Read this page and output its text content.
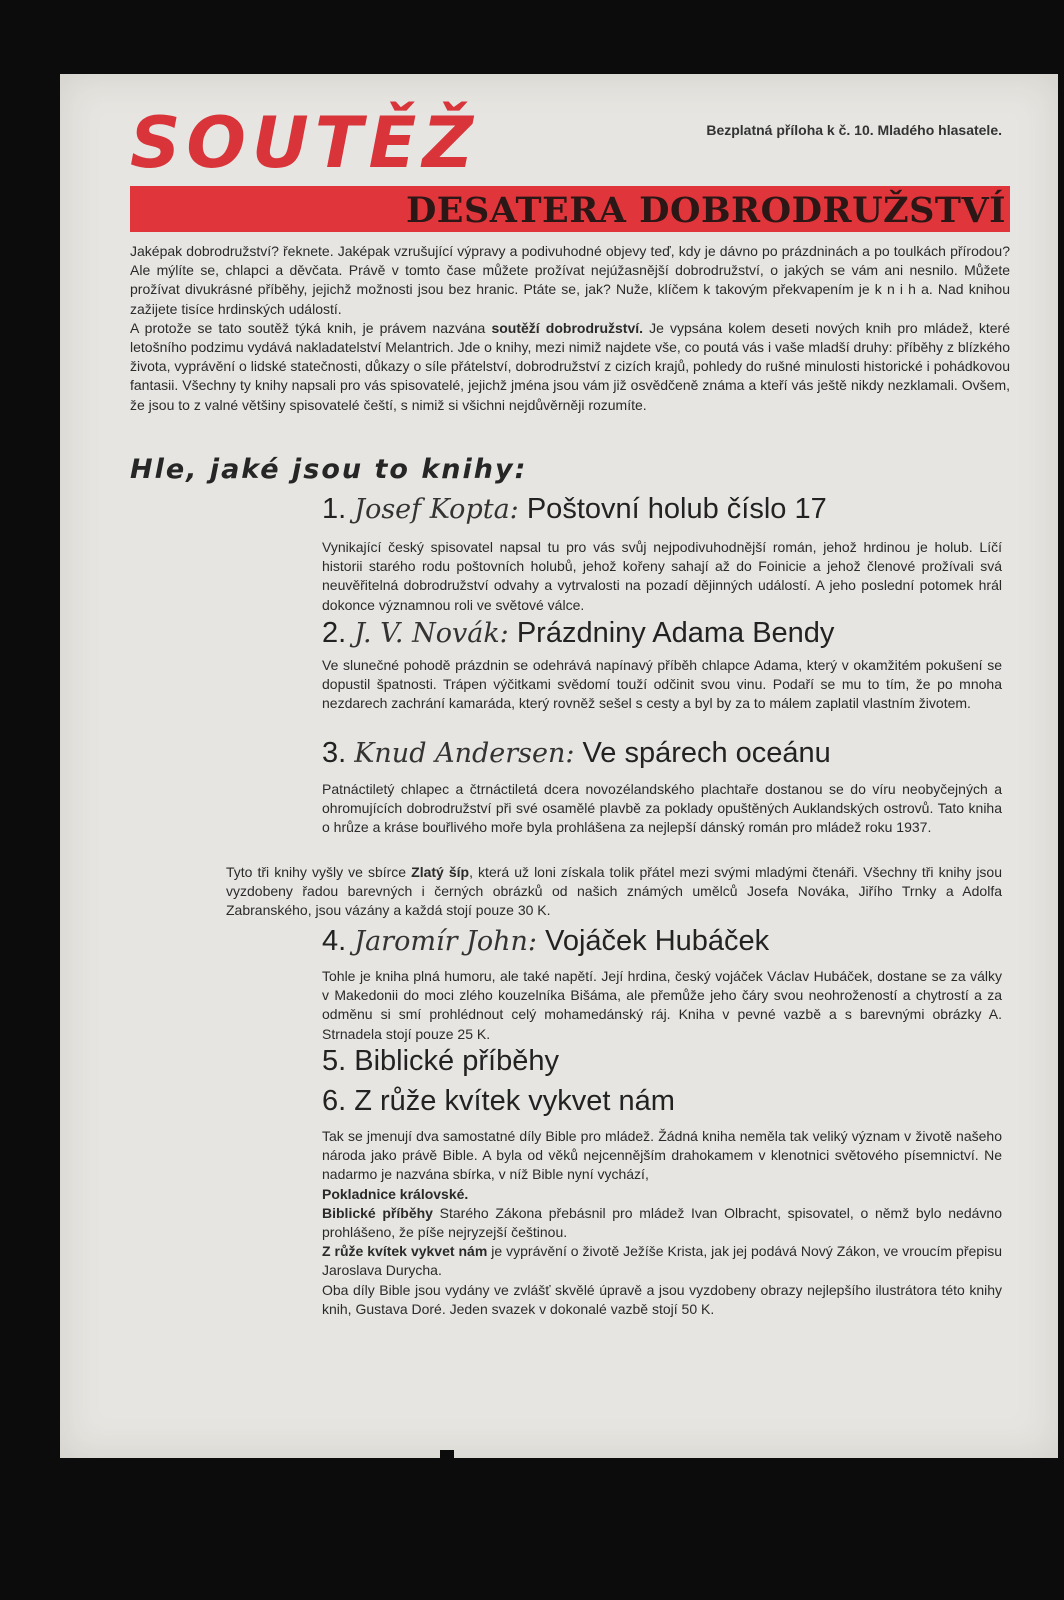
SOUTĚŽ	Bezplatná příloha k č. 10. Mladého hlasatele.
DESATERA DOBRODRUŽSTVÍ

Jaképak dobrodružství? řeknete. Jaképak vzrušující výpravy a podivuhodné objevy teď, kdy je dávno po prázdninách a po toulkách přírodou? Ale mýlíte se, chlapci a děvčata. Právě v tomto čase můžete prožívat nejúžasnější dobrodružství, o jakých se vám ani nesnilo. Můžete prožívat divukrásné příběhy, jejichž možnosti jsou bez hranic. Ptáte se, jak? Nuže, klíčem k takovým překvapením je k n i h a. Nad knihou zažijete tisíce hrdinských událostí.

A protože se tato soutěž týká knih, je právem nazvána soutěží dobrodružství. Je vypsána kolem deseti nových knih pro mládež, které letošního podzimu vydává nakladatelství Melantrich. Jde o knihy, mezi nimiž najdete vše, co poutá vás i vaše mladší druhy: příběhy z blízkého života, vyprávění o lidské statečnosti, důkazy o síle přátelství, dobrodružství z cizích krajů, pohledy do rušné minulosti historické i pohádkovou fantasii. Všechny ty knihy napsali pro vás spisovatelé, jejichž jména jsou vám již osvědčeně známa a kteří vás ještě nikdy nezklamali. Ovšem, že jsou to z valné většiny spisovatelé čeští, s nimiž si všichni nejdůvěrněji rozumíte.

Hle, jaké jsou to knihy:
1. Josef Kopta: Poštovní holub číslo 17

Vynikající český spisovatel napsal tu pro vás svůj nejpodivuhodnější román, jehož hrdinou je holub. Líčí historii starého rodu poštovních holubů, jehož kořeny sahají až do Foinicie a jehož členové prožívali svá neuvěřitelná dobrodružství odvahy a vytrvalosti na pozadí dějinných událostí. A jeho poslední potomek hrál dokonce významnou roli ve světové válce.

2. J. V. Novák: Prázdniny Adama Bendy

Ve slunečné pohodě prázdnin se odehrává napínavý příběh chlapce Adama, který v okamžitém pokušení se dopustil špatnosti. Trápen výčitkami svědomí touží odčinit svou vinu. Podaří se mu to tím, že po mnoha nezdarech zachrání kamaráda, který rovněž sešel s cesty a byl by za to málem zaplatil vlastním životem.

3. Knud Andersen: Ve spárech oceánu

Patnáctiletý chlapec a čtrnáctiletá dcera novozélandského plachtaře dostanou se do víru neobyčejných a ohromujících dobrodružství při své osamělé plavbě za poklady opuštěných Auklandských ostrovů. Tato kniha o hrůze a kráse bouřlivého moře byla prohlášena za nejlepší dánský román pro mládež roku 1937.

Tyto tři knihy vyšly ve sbírce Zlatý šíp, která už loni získala tolik přátel mezi svými mladými čtenáři. Všechny tři knihy jsou vyzdobeny řadou barevných i černých obrázků od našich známých umělců Josefa Nováka, Jiřího Trnky a Adolfa Zabranského, jsou vázány a každá stojí pouze 30 K.
4. Jaromír John: Vojáček Hubáček

Tohle je kniha plná humoru, ale také napětí. Její hrdina, český vojáček Václav Hubáček, dostane se za války v Makedonii do moci zlého kouzelníka Bišáma, ale přemůže jeho čáry svou neohrožeností a chytrostí a za odměnu si smí prohlédnout celý mohamedánský ráj. Kniha v pevné vazbě a s barevnými obrázky A. Strnadela stojí pouze 25 K.

5. Biblické příběhy
6. Z růže kvítek vykvet nám

Tak se jmenují dva samostatné díly Bible pro mládež. Žádná kniha neměla tak veliký význam v životě našeho národa jako právě Bible. A byla od věků nejcennějším drahokamem v klenotnici světového písemnictví. Ne nadarmo je nazvána sbírka, v níž Bible nyní vychází,

Pokladnice královské.

Biblické příběhy Starého Zákona přebásnil pro mládež Ivan Olbracht, spisovatel, o němž bylo nedávno prohlášeno, že píše nejryzejší češtinou.

Z růže kvítek vykvet nám je vyprávění o životě Ježíše Krista, jak jej podává Nový Zákon, ve vroucím přepisu Jaroslava Durycha.

Oba díly Bible jsou vydány ve zvlášť skvělé úpravě a jsou vyzdobeny obrazy nejlepšího ilustrátora této knihy knih, Gustava Doré. Jeden svazek v dokonalé vazbě stojí 50 K.
